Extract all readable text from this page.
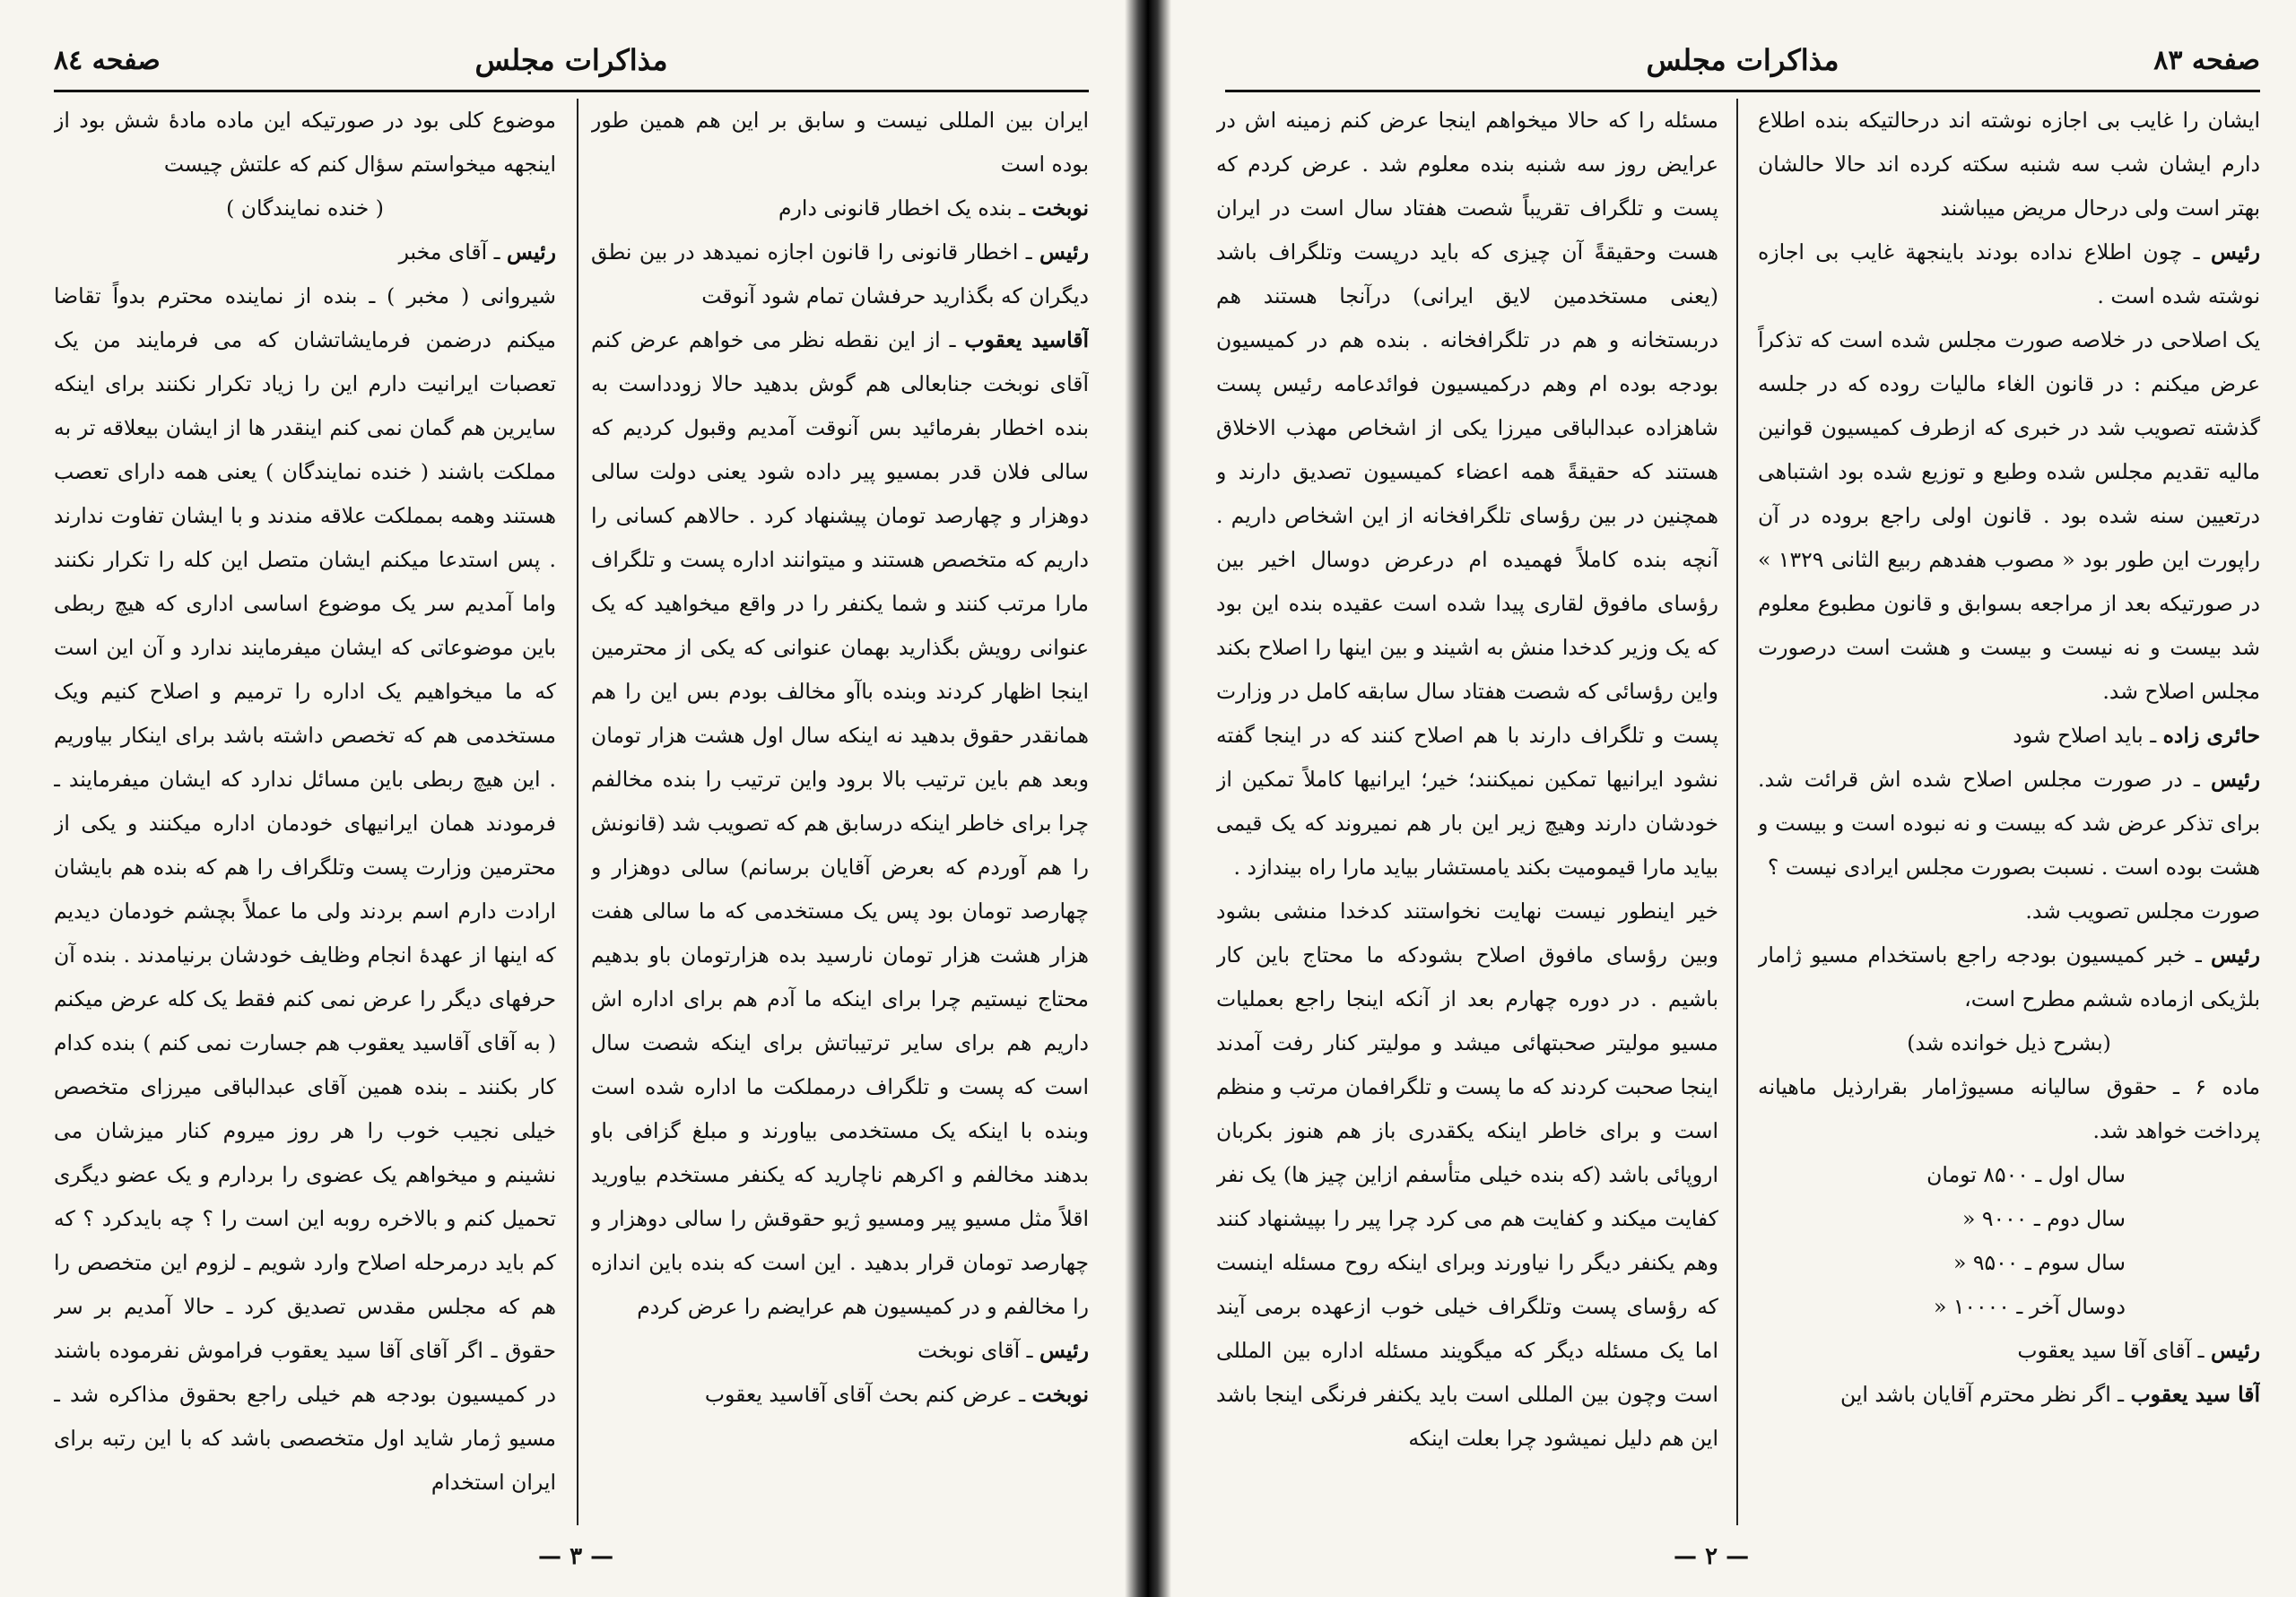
صفحه ٨٤	مذاکرات مجلس

ایران بین المللی نیست و سابق بر این هم همین طور بوده است

نوبخت ـ بنده یک اخطار قانونی دارم

رئیس ـ اخطار قانونی را قانون اجازه نمیدهد در بین نطق دیگران که بگذارید حرفشان تمام شود آنوقت

آقاسید یعقوب ـ از این نقطه نظر می خواهم عرض کنم آقای نوبخت جنابعالی هم گوش بدهید حالا زودداست به بنده اخطار بفرمائید بس آنوقت آمدیم وقبول کردیم که سالی فلان قدر بمسیو پیر داده شود یعنی دولت سالی دوهزار و چهارصد تومان پیشنهاد کرد . حالاهم کسانی را داریم که متخصص هستند و میتوانند اداره پست و تلگراف مارا مرتب کنند و شما یکنفر را در واقع میخواهید که یک عنوانی رویش بگذارید بهمان عنوانی که یکی از محترمین اینجا اظهار کردند وبنده باآو مخالف بودم بس این را هم همانقدر حقوق بدهید نه اینکه سال اول هشت هزار تومان وبعد هم باین ترتیب بالا برود واین ترتیب را بنده مخالفم چرا برای خاطر اینکه درسابق هم که تصویب شد (قانونش را هم آوردم که بعرض آقایان برسانم) سالی دوهزار و چهارصد تومان بود پس یک مستخدمی که ما سالی هفت هزار هشت هزار تومان نارسید بده هزارتومان باو بدهیم محتاج نیستیم چرا برای اینکه ما آدم هم برای اداره اش داریم هم برای سایر ترتیباتش برای اینکه شصت سال است که پست و تلگراف درمملکت ما اداره شده است وبنده با اینکه یک مستخدمی بیاورند و مبلغ گزافی باو بدهند مخالفم و اکرهم ناچارید که یکنفر مستخدم بیاورید اقلاً مثل مسیو پیر ومسیو ژیو حقوقش را سالی دوهزار و چهارصد تومان قرار بدهید . این است که بنده باین اندازه را مخالفم و در کمیسیون هم عرایضم را عرض کردم

رئیس ـ آقای نوبخت

نوبخت ـ عرض کنم بحث آقای آقاسید یعقوب

موضوع کلی بود در صورتیکه این ماده مادهٔ شش بود از اینجهه میخواستم سؤال کنم که علتش چیست

( خنده نمایندگان )

رئیس ـ آقای مخبر

شیروانی ( مخبر ) ـ بنده از نماینده محترم بدواً تقاضا میکنم درضمن فرمایشاتشان که می فرمایند من یک تعصبات ایرانیت دارم این را زیاد تکرار نکنند برای اینکه سایرین هم گمان نمی کنم اینقدر ها از ایشان بیعلاقه تر به مملکت باشند ( خنده نمایندگان ) یعنی همه دارای تعصب هستند وهمه بمملکت علاقه مندند و با ایشان تفاوت ندارند . پس استدعا میکنم ایشان متصل این کله را تکرار نکنند واما آمدیم سر یک موضوع اساسی اداری که هیچ ربطی باین موضوعاتی که ایشان میفرمایند ندارد و آن این است که ما میخواهیم یک اداره را ترمیم و اصلاح کنیم ویک مستخدمی هم که تخصص داشته باشد برای اینکار بیاوریم . این هیچ ربطی باین مسائل ندارد که ایشان میفرمایند ـ فرمودند همان ایرانیهای خودمان اداره میکنند و یکی از محترمین وزارت پست وتلگراف را هم که بنده هم بایشان ارادت دارم اسم بردند ولی ما عملاً بچشم خودمان دیدیم که اینها از عهدهٔ انجام وظایف خودشان برنیامدند . بنده آن حرفهای دیگر را عرض نمی کنم فقط یک کله عرض میکنم ( به آقای آقاسید یعقوب هم جسارت نمی کنم ) بنده کدام کار بکنند ـ بنده همین آقای عبدالباقی میرزای متخصص خیلی نجیب خوب را هر روز میروم کنار میزشان می نشینم و میخواهم یک عضوی را بردارم و یک عضو دیگری تحمیل کنم و بالاخره روبه این است را ؟ چه بایدکرد ؟ که کم باید درمرحله اصلاح وارد شویم ـ لزوم این متخصص را هم که مجلس مقدس تصدیق کرد ـ حالا آمدیم بر سر حقوق ـ اگر آقای آقا سید یعقوب فراموش نفرموده باشند در کمیسیون بودجه هم خیلی راجع بحقوق مذاکره شد ـ مسیو ژمار شاید اول متخصصی باشد که با این رتبه برای ایران استخدام

— ٣ —
مذاکرات مجلس	صفحه ٨٣

ایشان را غایب بی اجازه نوشته اند درحالتیکه بنده اطلاع دارم ایشان شب سه شنبه سکته کرده اند حالا حالشان بهتر است ولی درحال مریض میباشند

رئیس ـ چون اطلاع نداده بودند باینجهة غایب بی اجازه نوشته شده است .

یک اصلاحی در خلاصه صورت مجلس شده است که تذکراً عرض میکنم : در قانون الغاء مالیات روده که در جلسه گذشته تصویب شد در خبری که ازطرف کمیسیون قوانین مالیه تقدیم مجلس شده وطبع و توزیع شده بود اشتباهی درتعیین سنه شده بود . قانون اولی راجع بروده در آن راپورت این طور بود « مصوب هفدهم ربیع الثانی ۱۳۲۹ » در صورتیکه بعد از مراجعه بسوابق و قانون مطبوع معلوم شد بیست و نه نیست و بیست و هشت است درصورت مجلس اصلاح شد.

حائری زاده ـ باید اصلاح شود

رئیس ـ در صورت مجلس اصلاح شده اش قرائت شد. برای تذکر عرض شد که بیست و نه نبوده است و بیست و هشت بوده است . نسبت بصورت مجلس ایرادی نیست ؟

صورت مجلس تصویب شد.

رئیس ـ خبر کمیسیون بودجه راجع باستخدام مسیو ژامار بلژیکی ازماده ششم مطرح است،

(بشرح ذیل خوانده شد)

ماده ۶ ـ حقوق سالیانه مسیوژامار بقرارذیل ماهیانه پرداخت خواهد شد.

سال اول ـ ۸۵۰۰ تومان

سال دوم ـ ۹۰۰۰ «

سال سوم ـ ۹۵۰۰ «

دوسال آخر ـ ۱۰۰۰۰ «

رئیس ـ آقای آقا سید یعقوب

آقا سید یعقوب ـ اگر نظر محترم آقایان باشد این

مسئله را که حالا میخواهم اینجا عرض کنم زمینه اش در عرایض روز سه شنبه بنده معلوم شد . عرض کردم که پست و تلگراف تقریباً شصت هفتاد سال است در ایران هست وحقیقةً آن چیزی که باید درپست وتلگراف باشد (یعنی مستخدمین لایق ایرانی) درآنجا هستند هم دربستخانه و هم در تلگرافخانه . بنده هم در کمیسیون بودجه بوده ام وهم درکمیسیون فوائدعامه رئیس پست شاهزاده عبدالباقی میرزا یکی از اشخاص مهذب الاخلاق هستند که حقیقةً همه اعضاء کمیسیون تصدیق دارند و همچنین در بین رؤسای تلگرافخانه از این اشخاص داریم . آنچه بنده کاملاً فهمیده ام درعرض دوسال اخیر بین رؤسای مافوق لقاری پیدا شده است عقیده بنده این بود که یک وزیر کدخدا منش به اشیند و بین اینها را اصلاح بکند واین رؤسائی که شصت هفتاد سال سابقه کامل در وزارت پست و تلگراف دارند با هم اصلاح کنند که در اینجا گفته نشود ایرانیها تمکین نمیکنند؛ خیر؛ ایرانیها کاملاً تمکین از خودشان دارند وهیچ زیر این بار هم نمیروند که یک قیمی بیاید مارا قیمومیت بکند یامستشار بیاید مارا راه بیندازد .

خیر اینطور نیست نهایت نخواستند کدخدا منشی بشود وبین رؤسای مافوق اصلاح بشودکه ما محتاج باین کار باشیم . در دوره چهارم بعد از آنکه اینجا راجع بعملیات مسیو مولیتر صحبتهائی میشد و مولیتر کنار رفت آمدند اینجا صحبت کردند که ما پست و تلگرافمان مرتب و منظم است و برای خاطر اینکه یکقدری باز هم هنوز بکربان اروپائی باشد (که بنده خیلی متأسفم ازاین چیز ها) یک نفر کفایت میکند و کفایت هم می کرد چرا پیر را بپیشنهاد کنند وهم یکنفر دیگر را نیاورند وبرای اینکه روح مسئله اینست که رؤسای پست وتلگراف خیلی خوب ازعهده برمی آیند اما یک مسئله دیگر که میگویند مسئله اداره بین المللی است وچون بین المللی است باید یکنفر فرنگی اینجا باشد این هم دلیل نمیشود چرا بعلت اینکه

— ٢ —
